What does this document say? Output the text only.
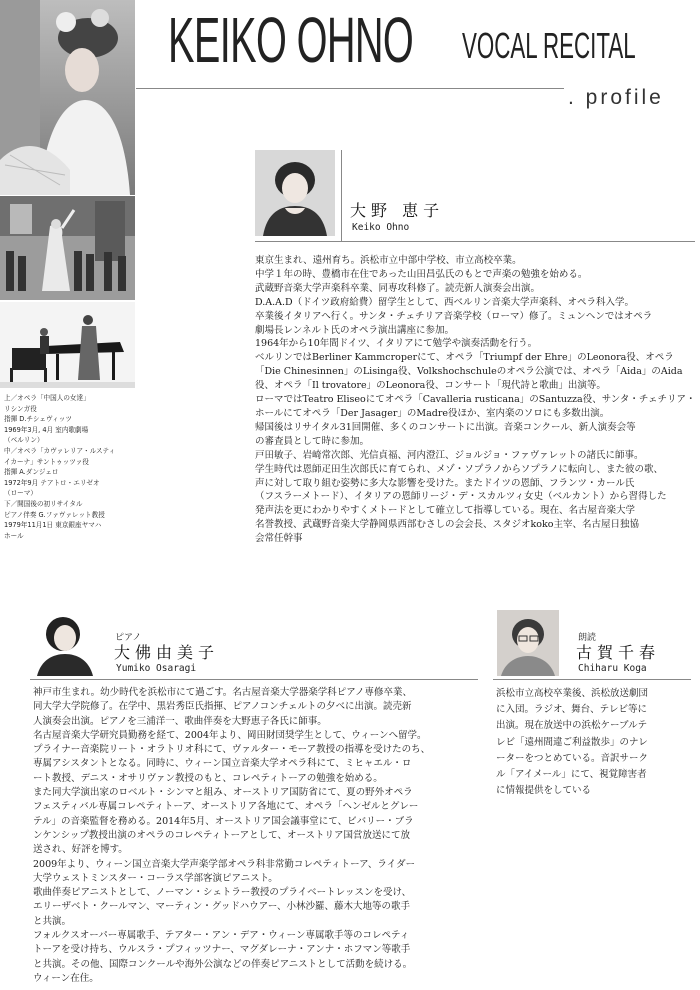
KEIKO OHNO VOCAL RECITAL
. profile
上／オペラ「中国人の女達」
リシンガ役
指揮 D.チシェヴィッツ
1969年3月, 4月 室内歌劇場
（ベルリン）
中／オペラ「カヴァレリア・ルスティ
イカーナ」サントゥッツァ役
指揮 A.ダンジェロ
1972年9月 テアトロ・エリゼオ
（ローマ）
下／開国後の初リサイタル
ピアノ伴奏 G.ファヴァレット教授
1979年11月1日 東京銀座ヤマハ
ホール
大野 恵子
Keiko Ohno
東京生まれ、遠州育ち。浜松市立中部中学校、市立高校卒業。
中学１年の時、豊橋市在住であった山田昌弘氏のもとで声楽の勉強を始める。
武蔵野音楽大学声楽科卒業、同専攻科修了。読売新人演奏会出演。
D.A.A.D（ドイツ政府給費）留学生として、西ベルリン音楽大学声楽科、オペラ科入学。
卒業後イタリアへ行く。サンタ・チェチリア音楽学校（ローマ）修了。ミュンヘンではオペラ
劇場長レンネルト氏のオペラ演出講座に参加。
1964年から10年間ドイツ、イタリアにて勉学や演奏活動を行う。
ベルリンではBerliner Kammcroperにて、オペラ「Triumpf der Ehre」のLeonora役、オペラ
「Die Chinesinnen」のLisinga役、Volkshochschuleのオペラ公演では、オペラ「Aida」のAida
役、オペラ「Il trovatore」のLeonora役、コンサート「現代詩と歌曲」出演等。
ローマではTeatro Eliseoにてオペラ「Cavalleria rusticana」のSantuzza役、サンタ・チェチリア・
ホールにてオペラ「Der Jasager」のMadre役ほか、室内楽のソロにも多数出演。
帰国後はリサイタル31回開催、多くのコンサートに出演。音楽コンクール、新人演奏会等
の審査員として時に参加。
戸田敏子、岩崎常次郎、光信貞福、河内澄江、ジョルジョ・ファヴァレットの諸氏に師事。
学生時代は恩師疋田生次郎氏に育てられ、メゾ・ソプラノからソプラノに転向し、また彼の歌、
声に対して取り組む姿勢に多大な影響を受けた。またドイツの恩師、フランツ・カール氏
（フスラーメトード）、イタリアの恩師リージ・デ・スカルツィ女史（ベルカント）から習得した
発声法を更にわかりやすくメトードとして確立して指導している。現在、名古屋音楽大学
名誉教授、武蔵野音楽大学静岡県西部むさしの会会長、スタジオkoko主宰、名古屋日独協
会常任幹事
ピアノ
大佛由美子
Yumiko Osaragi
神戸市生まれ。幼少時代を浜松市にて過ごす。名古屋音楽大学器楽学科ピアノ専修卒業、
同大学大学院修了。在学中、黒岩秀臣氏指揮、ピアノコンチェルトの夕べに出演。読売新
人演奏会出演。ピアノを三浦洋一、歌曲伴奏を大野恵子各氏に師事。
名古屋音楽大学研究員勤務を経て、2004年より、岡田財団奨学生として、ウィーンへ留学。
プライナー音楽院リート・オラトリオ科にて、ヴァルター・モーア教授の指導を受けたのち、
専属アシスタントとなる。同時に、ウィーン国立音楽大学オペラ科にて、ミヒャエル・ロ
ート教授、デニス・オサリヴァン教授のもと、コレペティトーアの勉強を始める。
また同大学演出家のロベルト・シンマと組み、オーストリア国防省にて、夏の野外オペラ
フェスティバル専属コレペティトーア、オーストリア各地にて、オペラ「ヘンゼルとグレー
テル」の音楽監督を務める。2014年5月、オーストリア国会議事堂にて、ビバリー・ブラ
ンケンシップ教授出演のオペラのコレペティトーアとして、オーストリア国営放送にて放
送され、好評を博す。
2009年より、ウィーン国立音楽大学声楽学部オペラ科非常勤コレペティトーア、ライダー
大学ウェストミンスター・コーラス学部客演ピアニスト。
歌曲伴奏ピアニストとして、ノーマン・シェトラー教授のプライベートレッスンを受け、
エリーザベト・クールマン、マーティン・グッドハウアー、小林沙羅、藤木大地等の歌手
と共演。
フォルクスオーパー専属歌手、テアター・アン・デア・ウィーン専属歌手等のコレペティ
トーアを受け持ち、ウルスラ・プフィッツナー、マグダレーナ・アンナ・ホフマン等歌手
と共演。その他、国際コンクールや海外公演などの伴奏ピアニストとして活動を続ける。
ウィーン在住。
朗読
古賀千春
Chiharu Koga
浜松市立高校卒業後、浜松放送劇団
に入団。ラジオ、舞台、テレビ等に
出演。現在放送中の浜松ケーブルテ
レビ「遠州間違ご利益散歩」のナレ
ーターをつとめている。音訳サーク
ル「アイメール」にて、視覚障害者
に情報提供をしている
